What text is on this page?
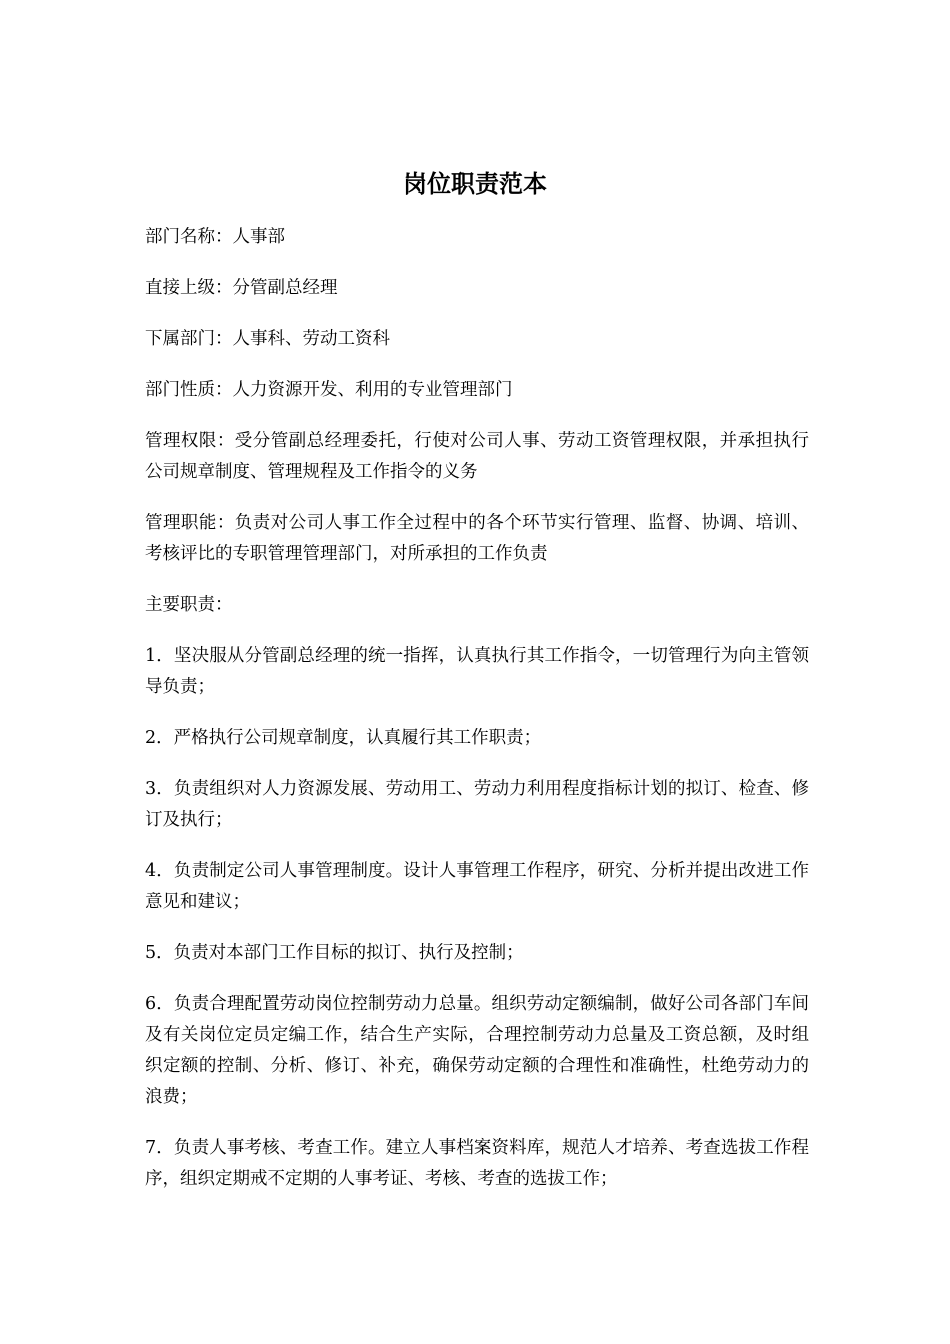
岗位职责范本

部门名称：人事部

直接上级：分管副总经理

下属部门：人事科、劳动工资科

部门性质：人力资源开发、利用的专业管理部门

管理权限：受分管副总经理委托，行使对公司人事、劳动工资管理权限，并承担执行公司规章制度、管理规程及工作指令的义务

管理职能：负责对公司人事工作全过程中的各个环节实行管理、监督、协调、培训、考核评比的专职管理管理部门，对所承担的工作负责

主要职责：

1．坚决服从分管副总经理的统一指挥，认真执行其工作指令，一切管理行为向主管领导负责；

2．严格执行公司规章制度，认真履行其工作职责；

3．负责组织对人力资源发展、劳动用工、劳动力利用程度指标计划的拟订、检查、修订及执行；

4．负责制定公司人事管理制度。设计人事管理工作程序，研究、分析并提出改进工作意见和建议；

5．负责对本部门工作目标的拟订、执行及控制；

6．负责合理配置劳动岗位控制劳动力总量。组织劳动定额编制，做好公司各部门车间及有关岗位定员定编工作，结合生产实际，合理控制劳动力总量及工资总额，及时组织定额的控制、分析、修订、补充，确保劳动定额的合理性和准确性，杜绝劳动力的浪费；

7．负责人事考核、考查工作。建立人事档案资料库，规范人才培养、考查选拔工作程序，组织定期戒不定期的人事考证、考核、考查的选拔工作；
